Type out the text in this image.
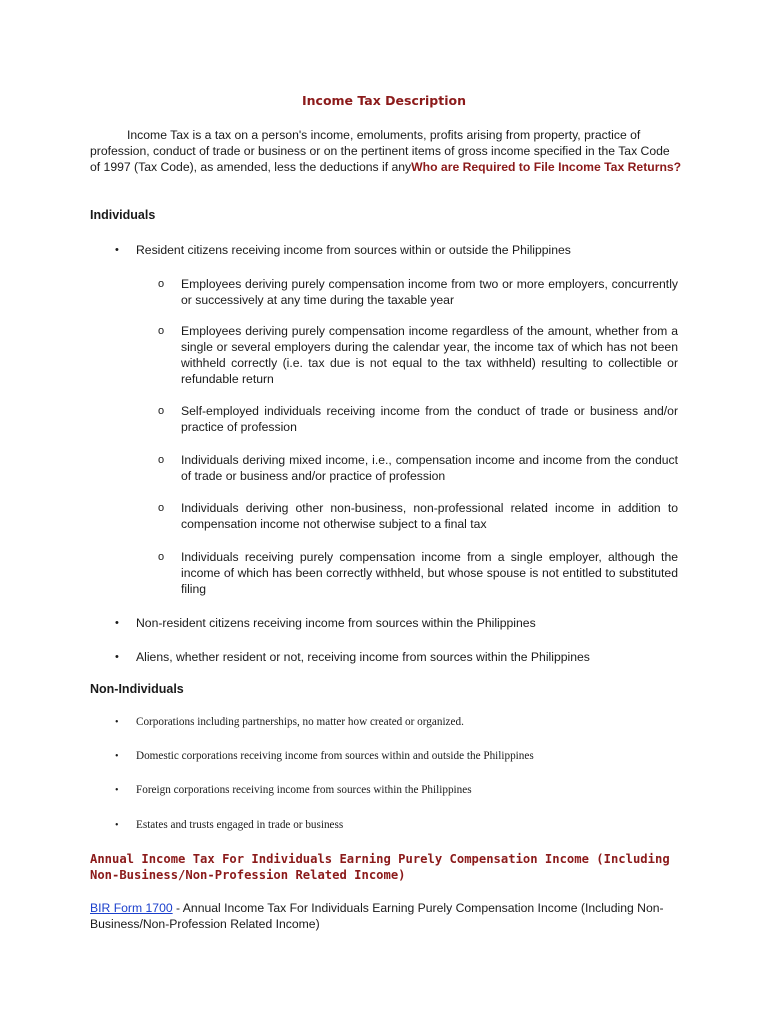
Income Tax Description

Income Tax is a tax on a person's income, emoluments, profits arising from property, practice of profession, conduct of trade or business or on the pertinent items of gross income specified in the Tax Code of 1997 (Tax Code), as amended, less the deductions if anyWho are Required to File Income Tax Returns?

Individuals
• Resident citizens receiving income from sources within or outside the Philippines
o Employees deriving purely compensation income from two or more employers, concurrently or successively at any time during the taxable year
o Employees deriving purely compensation income regardless of the amount, whether from a single or several employers during the calendar year, the income tax of which has not been withheld correctly (i.e. tax due is not equal to the tax withheld) resulting to collectible or refundable return
o Self-employed individuals receiving income from the conduct of trade or business and/or practice of profession
o Individuals deriving mixed income, i.e., compensation income and income from the conduct of trade or business and/or practice of profession
o Individuals deriving other non-business, non-professional related income in addition to compensation income not otherwise subject to a final tax
o Individuals receiving purely compensation income from a single employer, although the income of which has been correctly withheld, but whose spouse is not entitled to substituted filing
• Non-resident citizens receiving income from sources within the Philippines
• Aliens, whether resident or not, receiving income from sources within the Philippines
Non-Individuals
• Corporations including partnerships, no matter how created or organized.
• Domestic corporations receiving income from sources within and outside the Philippines
• Foreign corporations receiving income from sources within the Philippines
• Estates and trusts engaged in trade or business
Annual Income Tax For Individuals Earning Purely Compensation Income (Including Non-Business/Non-Profession Related Income)
BIR Form 1700 - Annual Income Tax For Individuals Earning Purely Compensation Income (Including Non-Business/Non-Profession Related Income)
